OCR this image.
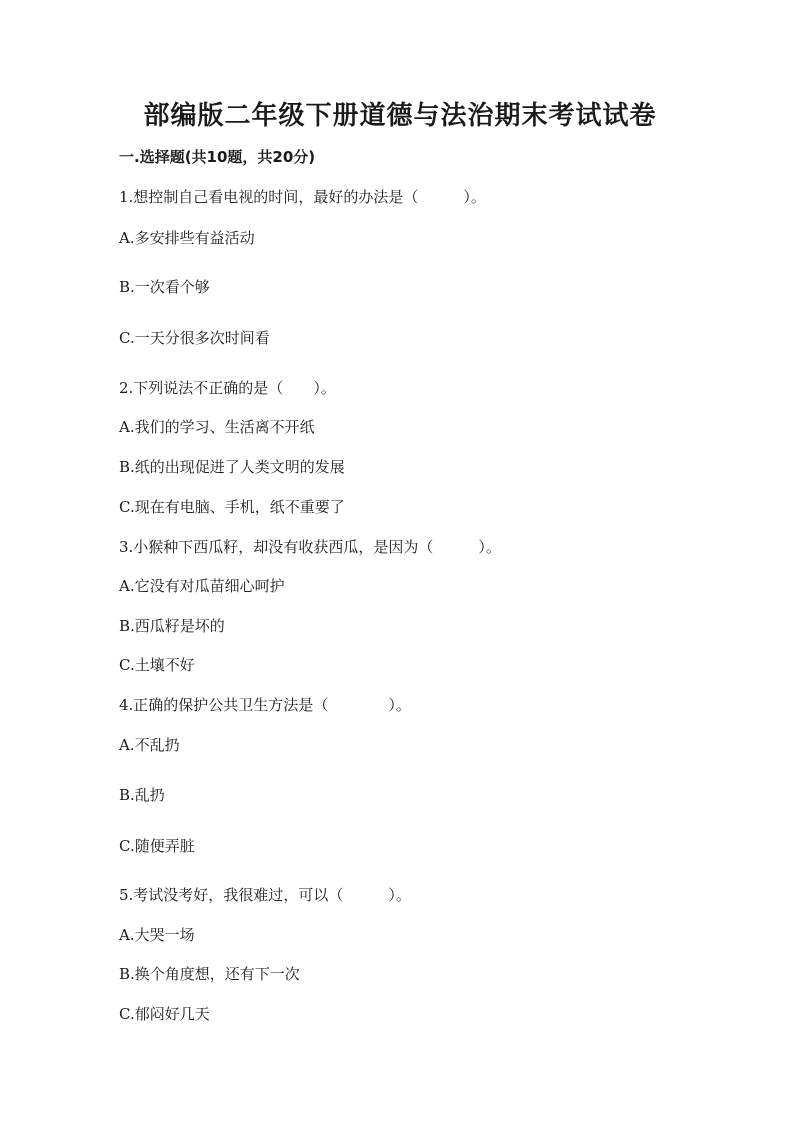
部编版二年级下册道德与法治期末考试试卷
一.选择题(共10题，共20分)
1.想控制自己看电视的时间，最好的办法是（　　　）。
A.多安排些有益活动
B.一次看个够
C.一天分很多次时间看
2.下列说法不正确的是（　　）。
A.我们的学习、生活离不开纸
B.纸的出现促进了人类文明的发展
C.现在有电脑、手机，纸不重要了
3.小猴种下西瓜籽，却没有收获西瓜，是因为（　　　）。
A.它没有对瓜苗细心呵护
B.西瓜籽是坏的
C.土壤不好
4.正确的保护公共卫生方法是（　　　　）。
A.不乱扔
B.乱扔
C.随便弄脏
5.考试没考好，我很难过，可以（　　　）。
A.大哭一场
B.换个角度想，还有下一次
C.郁闷好几天
